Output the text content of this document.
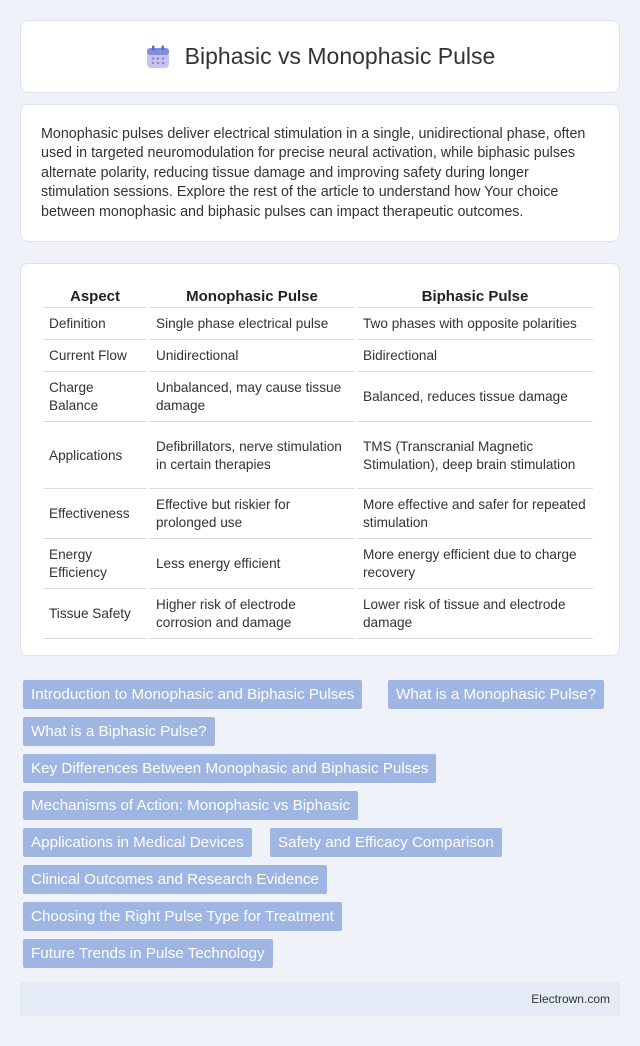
Biphasic vs Monophasic Pulse

Monophasic pulses deliver electrical stimulation in a single, unidirectional phase, often used in targeted neuromodulation for precise neural activation, while biphasic pulses alternate polarity, reducing tissue damage and improving safety during longer stimulation sessions. Explore the rest of the article to understand how Your choice between monophasic and biphasic pulses can impact therapeutic outcomes.

Aspect	Monophasic Pulse	Biphasic Pulse
Definition	Single phase electrical pulse	Two phases with opposite polarities
Current Flow	Unidirectional	Bidirectional
Charge Balance	Unbalanced, may cause tissue damage	Balanced, reduces tissue damage
Applications	Defibrillators, nerve stimulation in certain therapies	TMS (Transcranial Magnetic Stimulation), deep brain stimulation
Effectiveness	Effective but riskier for prolonged use	More effective and safer for repeated stimulation
Energy Efficiency	Less energy efficient	More energy efficient due to charge recovery
Tissue Safety	Higher risk of electrode corrosion and damage	Lower risk of tissue and electrode damage
Introduction to Monophasic and Biphasic Pulses	What is a Monophasic Pulse?
What is a Biphasic Pulse?
Key Differences Between Monophasic and Biphasic Pulses
Mechanisms of Action: Monophasic vs Biphasic
Applications in Medical Devices	Safety and Efficacy Comparison
Clinical Outcomes and Research Evidence
Choosing the Right Pulse Type for Treatment
Future Trends in Pulse Technology
Electrown.com
